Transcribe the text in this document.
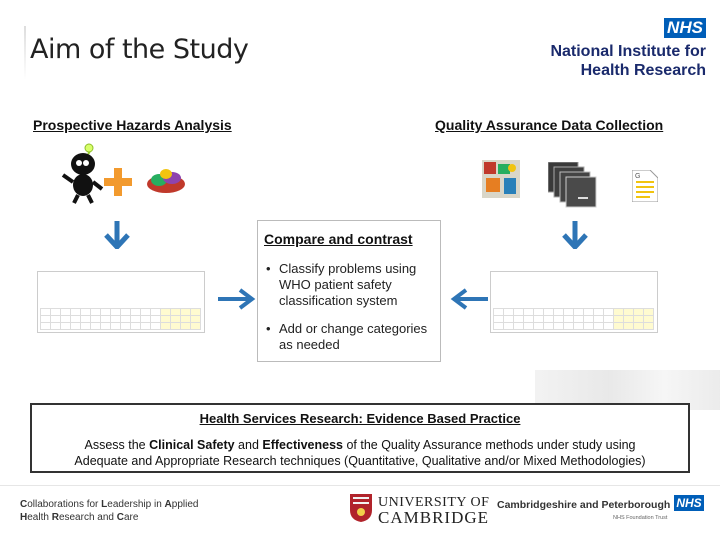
Aim of the Study
NHS
National Institute for
Health Research
Prospective Hazards Analysis	Quality Assurance Data Collection
G

Compare and contrast
• Classify problems using WHO patient safety classification system
• Add or change categories as needed
Health Services Research: Evidence Based Practice
Assess the Clinical Safety and Effectiveness of the Quality Assurance methods under study using
Adequate and Appropriate Research techniques (Quantitative, Qualitative and/or Mixed Methodologies)
Collaborations for Leadership in Applied
Health Research and Care
UNIVERSITY OF
CAMBRIDGE
Cambridgeshire and Peterborough NHS
NHS Foundation Trust
